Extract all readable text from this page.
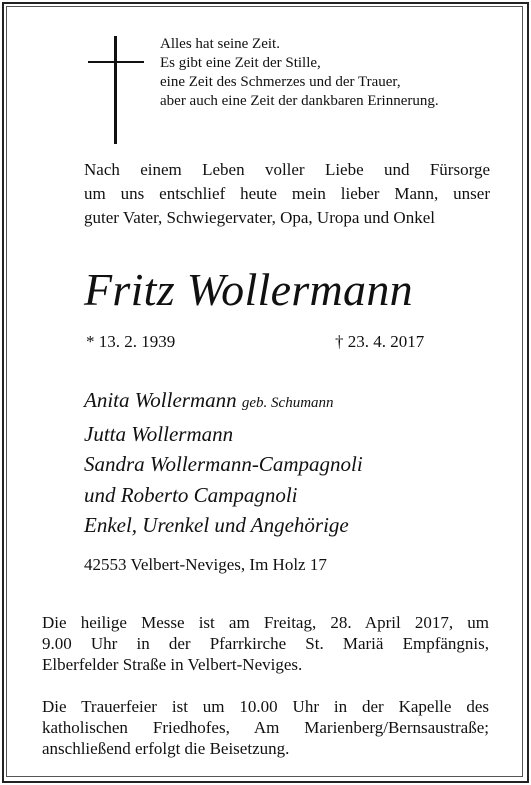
Alles hat seine Zeit.
Es gibt eine Zeit der Stille,
eine Zeit des Schmerzes und der Trauer,
aber auch eine Zeit der dankbaren Erinnerung.
Nach einem Leben voller Liebe und Fürsorge
um uns entschlief heute mein lieber Mann, unser
guter Vater, Schwiegervater, Opa, Uropa und Onkel
Fritz Wollermann
* 13. 2. 1939	† 23. 4. 2017
Anita Wollermann geb. Schumann
Jutta Wollermann
Sandra Wollermann-Campagnoli
und Roberto Campagnoli
Enkel, Urenkel und Angehörige
42553 Velbert-Neviges, Im Holz 17
Die heilige Messe ist am Freitag, 28. April 2017, um
9.00 Uhr in der Pfarrkirche St. Mariä Empfängnis,
Elberfelder Straße in Velbert-Neviges.
Die Trauerfeier ist um 10.00 Uhr in der Kapelle des
katholischen Friedhofes, Am Marienberg/Bernsaustraße;
anschließend erfolgt die Beisetzung.
